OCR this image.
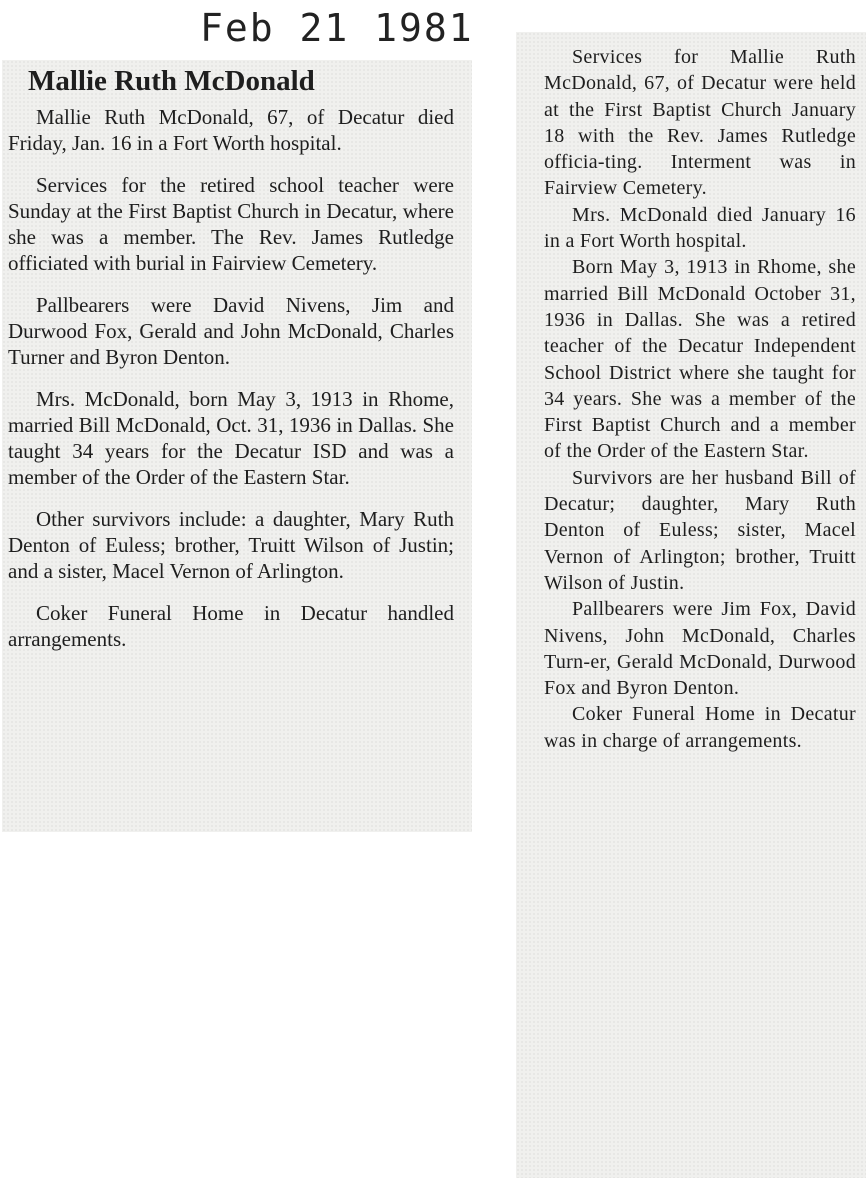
Feb 21 1981
Mallie Ruth McDonald

Mallie Ruth McDonald, 67, of Decatur died Friday, Jan. 16 in a Fort Worth hospital.

Services for the retired school teacher were Sunday at the First Baptist Church in Decatur, where she was a member. The Rev. James Rutledge officiated with burial in Fairview Cemetery.

Pallbearers were David Nivens, Jim and Durwood Fox, Gerald and John McDonald, Charles Turner and Byron Denton.

Mrs. McDonald, born May 3, 1913 in Rhome, married Bill McDonald, Oct. 31, 1936 in Dallas. She taught 34 years for the Decatur ISD and was a member of the Order of the Eastern Star.

Other survivors include: a daughter, Mary Ruth Denton of Euless; brother, Truitt Wilson of Justin; and a sister, Macel Vernon of Arlington.

Coker Funeral Home in Decatur handled arrangements.

Services for Mallie Ruth McDonald, 67, of Decatur were held at the First Baptist Church January 18 with the Rev. James Rutledge officia-ting. Interment was in Fairview Cemetery.

Mrs. McDonald died January 16 in a Fort Worth hospital.

Born May 3, 1913 in Rhome, she married Bill McDonald October 31, 1936 in Dallas. She was a retired teacher of the Decatur Independent School District where she taught for 34 years. She was a member of the First Baptist Church and a member of the Order of the Eastern Star.

Survivors are her husband Bill of Decatur; daughter, Mary Ruth Denton of Euless; sister, Macel Vernon of Arlington; brother, Truitt Wilson of Justin.

Pallbearers were Jim Fox, David Nivens, John McDonald, Charles Turn-er, Gerald McDonald, Durwood Fox and Byron Denton.

Coker Funeral Home in Decatur was in charge of arrangements.
